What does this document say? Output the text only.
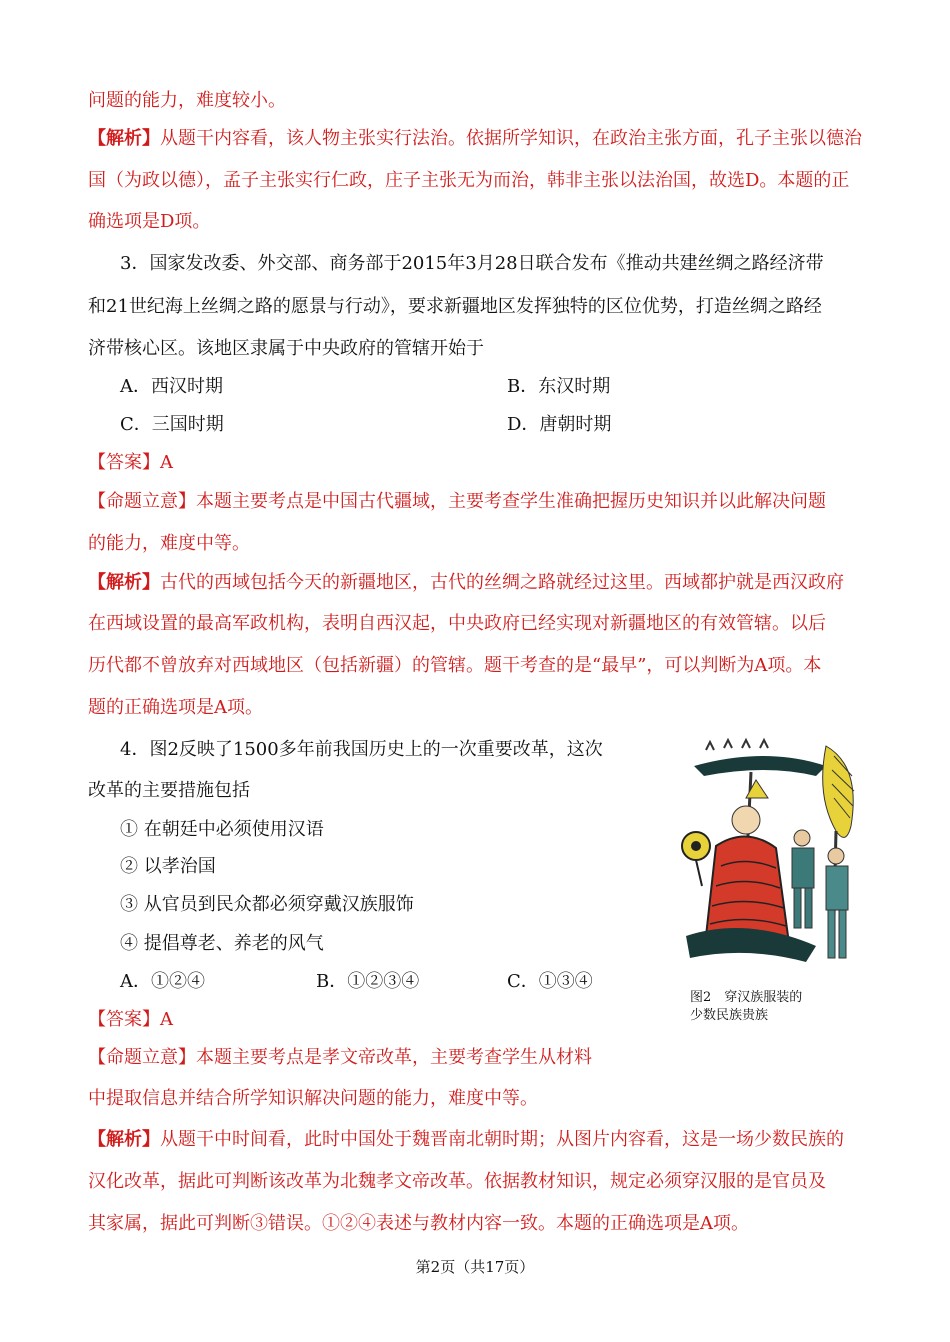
问题的能力，难度较小。
【解析】从题干内容看，该人物主张实行法治。依据所学知识，在政治主张方面，孔子主张以德治
国（为政以德），孟子主张实行仁政，庄子主张无为而治，韩非主张以法治国，故选D。本题的正
确选项是D项。
3．国家发改委、外交部、商务部于2015年3月28日联合发布《推动共建丝绸之路经济带
和21世纪海上丝绸之路的愿景与行动》，要求新疆地区发挥独特的区位优势，打造丝绸之路经
济带核心区。该地区隶属于中央政府的管辖开始于
A．西汉时期	B．东汉时期
C．三国时期	D．唐朝时期
【答案】A
【命题立意】本题主要考点是中国古代疆域，主要考查学生准确把握历史知识并以此解决问题
的能力，难度中等。
【解析】古代的西域包括今天的新疆地区，古代的丝绸之路就经过这里。西域都护就是西汉政府
在西域设置的最高军政机构，表明自西汉起，中央政府已经实现对新疆地区的有效管辖。以后
历代都不曾放弃对西域地区（包括新疆）的管辖。题干考查的是“最早”，可以判断为A项。本
题的正确选项是A项。
4．图2反映了1500多年前我国历史上的一次重要改革，这次
改革的主要措施包括
① 在朝廷中必须使用汉语
② 以孝治国
③ 从官员到民众都必须穿戴汉族服饰
④ 提倡尊老、养老的风气
A．①②④	B．①②③④	C．①③④
【答案】A
【命题立意】本题主要考点是孝文帝改革，主要考查学生从材料
中提取信息并结合所学知识解决问题的能力，难度中等。
【解析】从题干中时间看，此时中国处于魏晋南北朝时期；从图片内容看，这是一场少数民族的
汉化改革，据此可判断该改革为北魏孝文帝改革。依据教材知识，规定必须穿汉服的是官员及
其家属，据此可判断③错误。①②④表述与教材内容一致。本题的正确选项是A项。
图2　穿汉族服装的
少数民族贵族
第2页（共17页）
